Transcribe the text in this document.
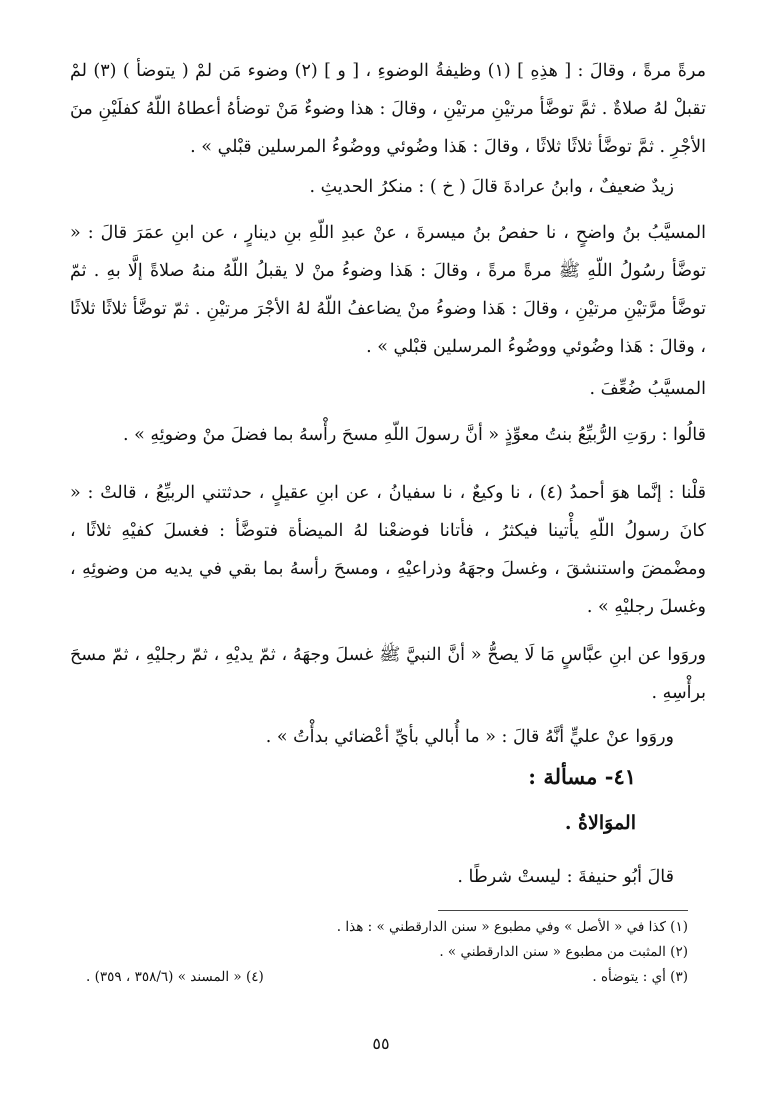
مرةً مرةً ، وقالَ : [ هذِهِ ] (١) وظيفةُ الوضوءِ ، [ و ] (٢) وضوء مَن لمْ ( يتوضأ ) (٣) لمْ تقبلْ لهُ صلاةٌ . ثمَّ توضَّأ مرتيْنِ مرتيْنِ ، وقالَ : هذا وضوءٌ مَنْ توضأهُ أعطاهُ اللّهُ كفلَيْنِ منَ الأجْرِ . ثمَّ توضَّأ ثلاثًا ثلاثًا ، وقالَ : هَذا وضُوئي ووضُوءُ المرسلين قبْلي » .

زيدٌ ضعيفٌ ، وابنُ عرادةَ قالَ ( خ ) : منكرُ الحديثِ .

المسيَّبُ بنُ واضحٍ ، نا حفصُ بنُ ميسرةَ ، عنْ عبدِ اللّهِ بنِ دينارٍ ، عن ابنِ عمَرَ قالَ : « توضَّأ رسُولُ اللّهِ ﷺ مرةً مرةً ، وقالَ : هَذا وضوءُ منْ لا يقبلُ اللّهُ منهُ صلاةً إلَّا بهِ . ثمّ توضَّأ مرَّتيْنِ مرتيْنِ ، وقالَ : هَذا وضوءُ منْ يضاعفُ اللّهُ لهُ الأجْرَ مرتيْنِ . ثمّ توضَّأ ثلاثًا ثلاثًا ، وقالَ : هَذا وضُوئي ووضُوءُ المرسلين قبْلي » .

المسيَّبُ ضُعِّفَ .

قالُوا : روَتِ الرُّبيِّعُ بنتُ معوِّذٍ « أنَّ رسولَ اللّهِ مسحَ رأْسهُ بما فضلَ منْ وضوئِهِ » .

قلْنا : إنَّما هوَ أحمدُ (٤) ، نا وكيعٌ ، نا سفيانُ ، عن ابنِ عقيلٍ ، حدثتني الربيِّعُ ، قالتْ : « كانَ رسولُ اللّهِ يأْتينا فيكثرُ ، فأتانا فوضعْنا لهُ الميضأة فتوضَّأ : فغسلَ كفيْهِ ثلاثًا ، ومضْمضَ واستنشقَ ، وغسلَ وجهَهُ وذراعيْهِ ، ومسحَ رأسهُ بما بقي في يديه من وضوئِهِ ، وغسلَ رجليْهِ » .

وروَوا عن ابنِ عبَّاسٍ مَا لَا يصحُّ « أنَّ النبيَّ ﷺ غسلَ وجهَهُ ، ثمّ يديْهِ ، ثمّ رجليْهِ ، ثمّ مسحَ برأْسِهِ .

وروَوا عنْ عليٍّ أنَّهُ قالَ : « ما أُبالي بأيِّ أعْضائي بدأْتُ » .

٤١- مسألة :

الموَالاةُ .

قالَ أبُو حنيفةَ : ليستْ شرطًا .

(١) كذا في « الأصل » وفي مطبوع « سنن الدارقطني » : هذا .
(٢) المثبت من مطبوع « سنن الدارقطني » .
(٣) أي : يتوضأه .
(٤) « المسند » (٣٥٨/٦ ، ٣٥٩) .
٥٥
